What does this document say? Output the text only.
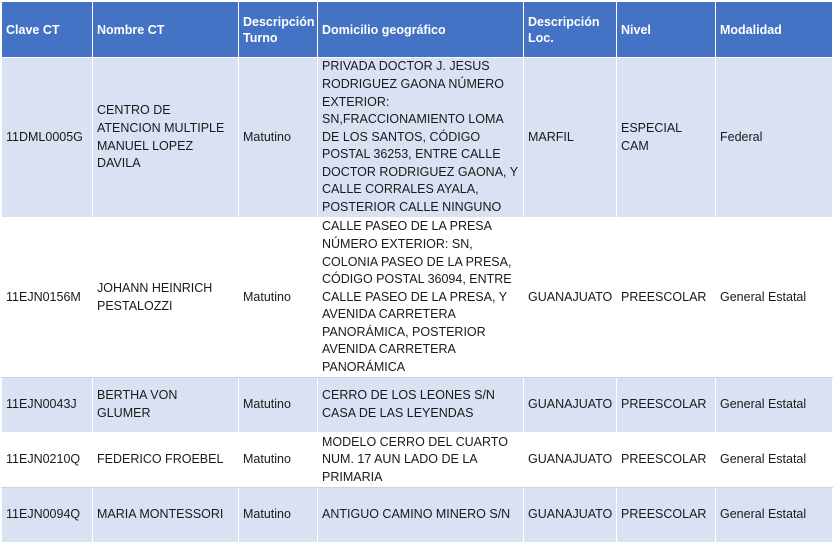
Clave CT	Nombre CT	Descripción Turno	Domicilio geográfico	Descripción Loc.	Nivel	Modalidad
11DML0005G	CENTRO DE ATENCION MULTIPLE MANUEL LOPEZ DAVILA	Matutino	PRIVADA DOCTOR J. JESUS RODRIGUEZ GAONA NÚMERO EXTERIOR: SN,FRACCIONAMIENTO LOMA DE LOS SANTOS, CÓDIGO POSTAL 36253, ENTRE CALLE DOCTOR RODRIGUEZ GAONA, Y CALLE CORRALES AYALA, POSTERIOR CALLE NINGUNO	MARFIL	ESPECIAL CAM	Federal
11EJN0156M	JOHANN HEINRICH PESTALOZZI	Matutino	CALLE PASEO DE LA PRESA NÚMERO EXTERIOR: SN, COLONIA PASEO DE LA PRESA, CÓDIGO POSTAL 36094, ENTRE CALLE PASEO DE LA PRESA, Y AVENIDA CARRETERA PANORÁMICA, POSTERIOR AVENIDA CARRETERA PANORÁMICA	GUANAJUATO	PREESCOLAR	General Estatal
11EJN0043J	BERTHA VON GLUMER	Matutino	CERRO DE LOS LEONES S/N CASA DE LAS LEYENDAS	GUANAJUATO	PREESCOLAR	General Estatal
11EJN0210Q	FEDERICO FROEBEL	Matutino	MODELO CERRO DEL CUARTO NUM. 17 AUN LADO DE LA PRIMARIA	GUANAJUATO	PREESCOLAR	General Estatal
11EJN0094Q	MARIA MONTESSORI	Matutino	ANTIGUO CAMINO MINERO S/N	GUANAJUATO	PREESCOLAR	General Estatal
